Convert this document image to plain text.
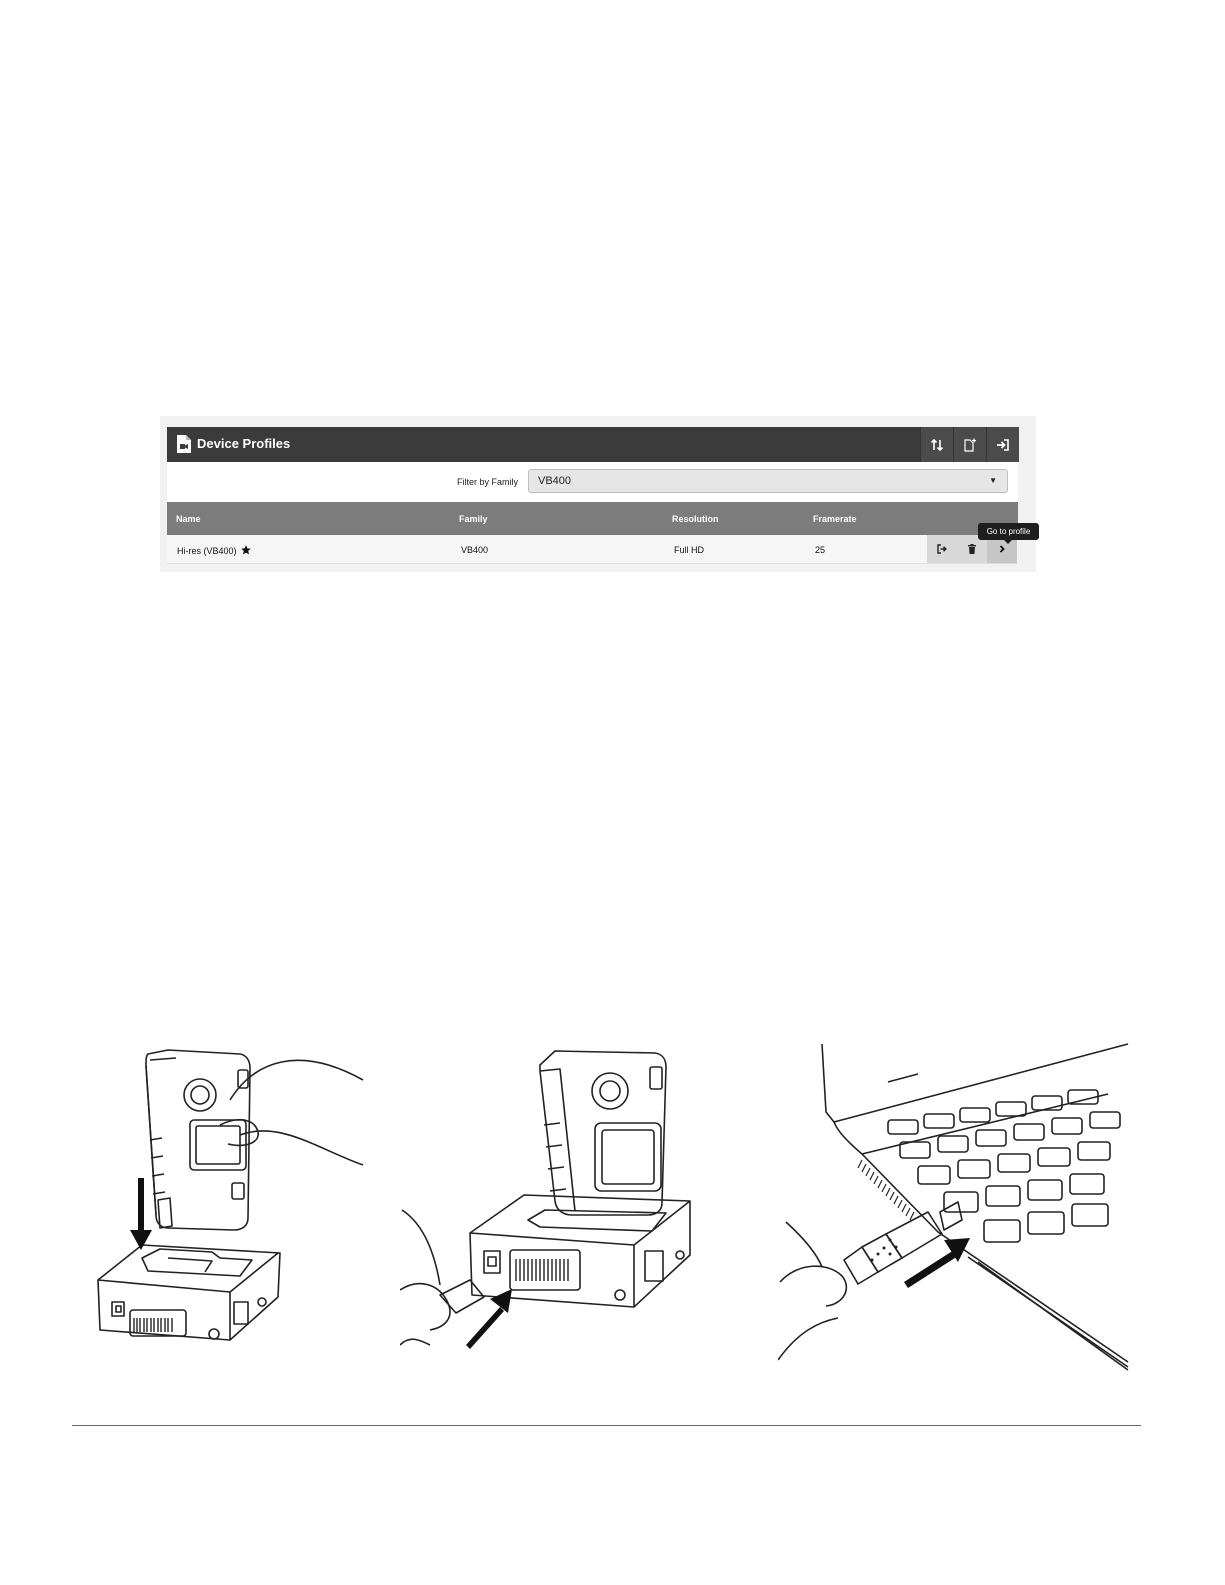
Device Profiles
Filter by Family	VB400	▼
Name	Family	Resolution	Framerate
Hi-res (VB400)	VB400	Full HD	25
Go to profile
